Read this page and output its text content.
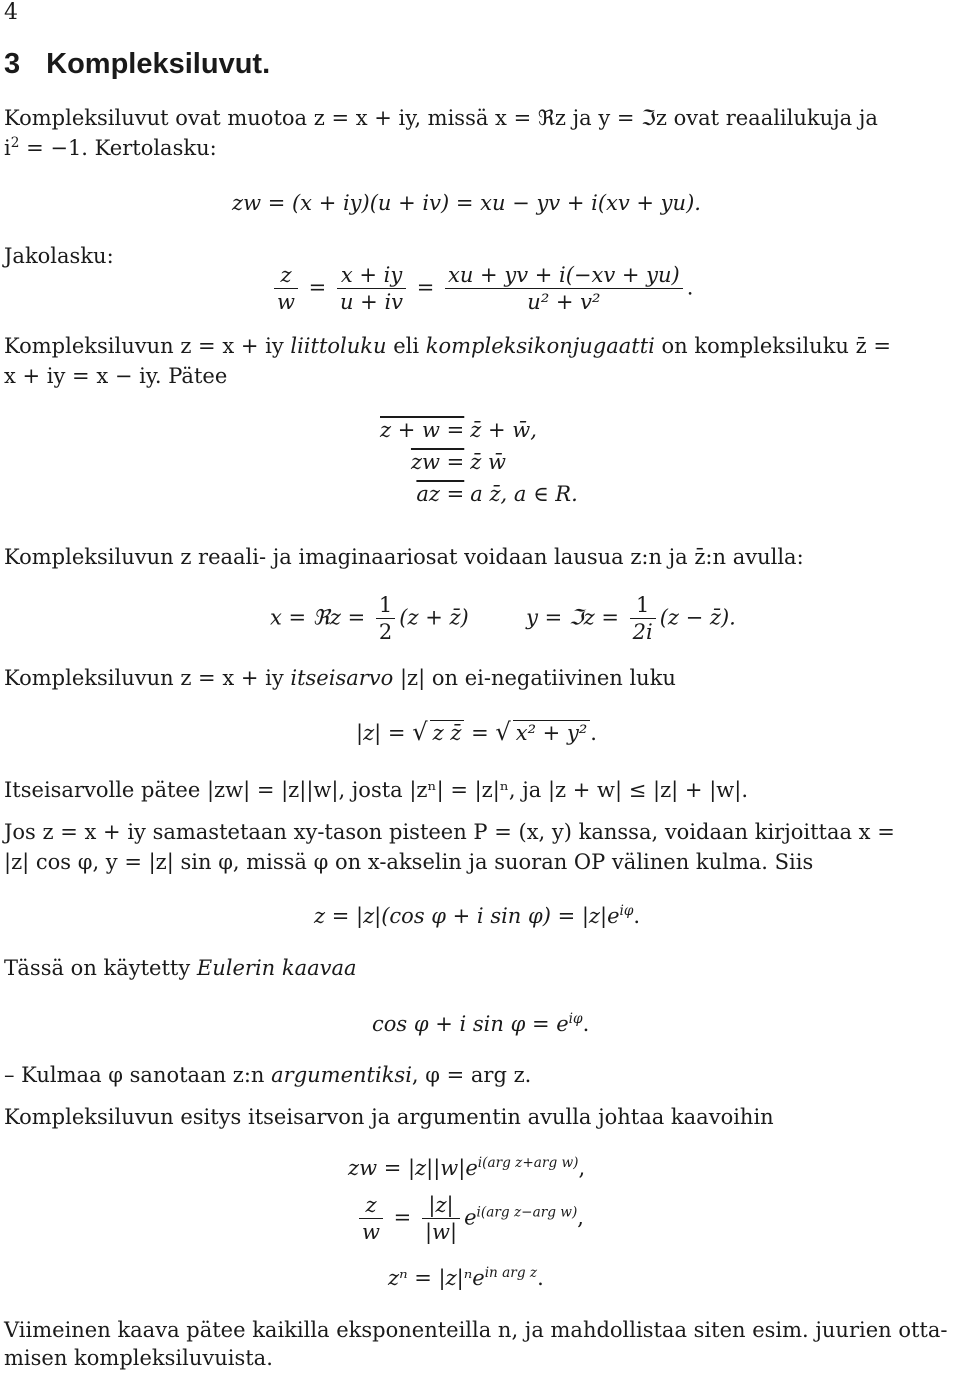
4
3 Kompleksiluvut.
Kompleksiluvut ovat muotoa z = x + iy, missä x = ℜz ja y = ℑz ovat reaalilukuja ja
$i^2 = -1$. Kertolasku:
zw = (x + iy)(u + iv) = xu − yv + i(xv + yu).
Jakolasku:
$\frac{z}{w} = \frac{x + iy}{u + iv} = \frac{xu + yv + i(-xv + yu)}{\text{u² + v²}}$ .
Kompleksiluvun z = x + iy liittoluku eli kompleksikonjugaatti on kompleksiluku z̄ =
x + iy = x − iy. Pätee
z + w = z̄ + w̄,
zw = z̄ w̄
az = a z̄, a ∈ R.
Kompleksiluvun z reaali- ja imaginaariosat voidaan lausua z:n ja z̄:n avulla:
x = ℜz = $\frac{1}{2} (z$ + z̄)	y = ℑz = $\frac{1}{2i} (z$ − z̄).
Kompleksiluvun z = x + iy itseisarvo |z| on ei-negatiivinen luku
|z| = √ z z̄ = √ x² + y² .
Itseisarvolle pätee |zw| = |z||w|, josta |zⁿ| = |z|ⁿ, ja |z + w| ≤ |z| + |w|.
Jos z = x + iy samastetaan xy-tason pisteen P = (x, y) kanssa, voidaan kirjoittaa x =
|z| cos φ, y = |z| sin φ, missä φ on x-akselin ja suoran OP välinen kulma. Siis
z = |z|(cos φ + i $\sin \varphi) = |z|e^{i\varphi}$.
Tässä on käytetty Eulerin kaavaa
cos φ + i $\sin \varphi = e^{i\varphi}$.
– Kulmaa φ sanotaan z:n argumentiksi, φ = arg z.
Kompleksiluvun esitys itseisarvon ja argumentin avulla johtaa kaavoihin
zw = $|z||w|e^{i(arg z+arg w)}$,
$\frac{z}{w} = \frac{|z|}{|w|} e^{i(arg z-arg w)}$,
zⁿ = |z|ⁿe$^{in arg z}$.
Viimeinen kaava pätee kaikilla eksponenteilla n, ja mahdollistaa siten esim. juurien otta-
misen kompleksiluvuista.
